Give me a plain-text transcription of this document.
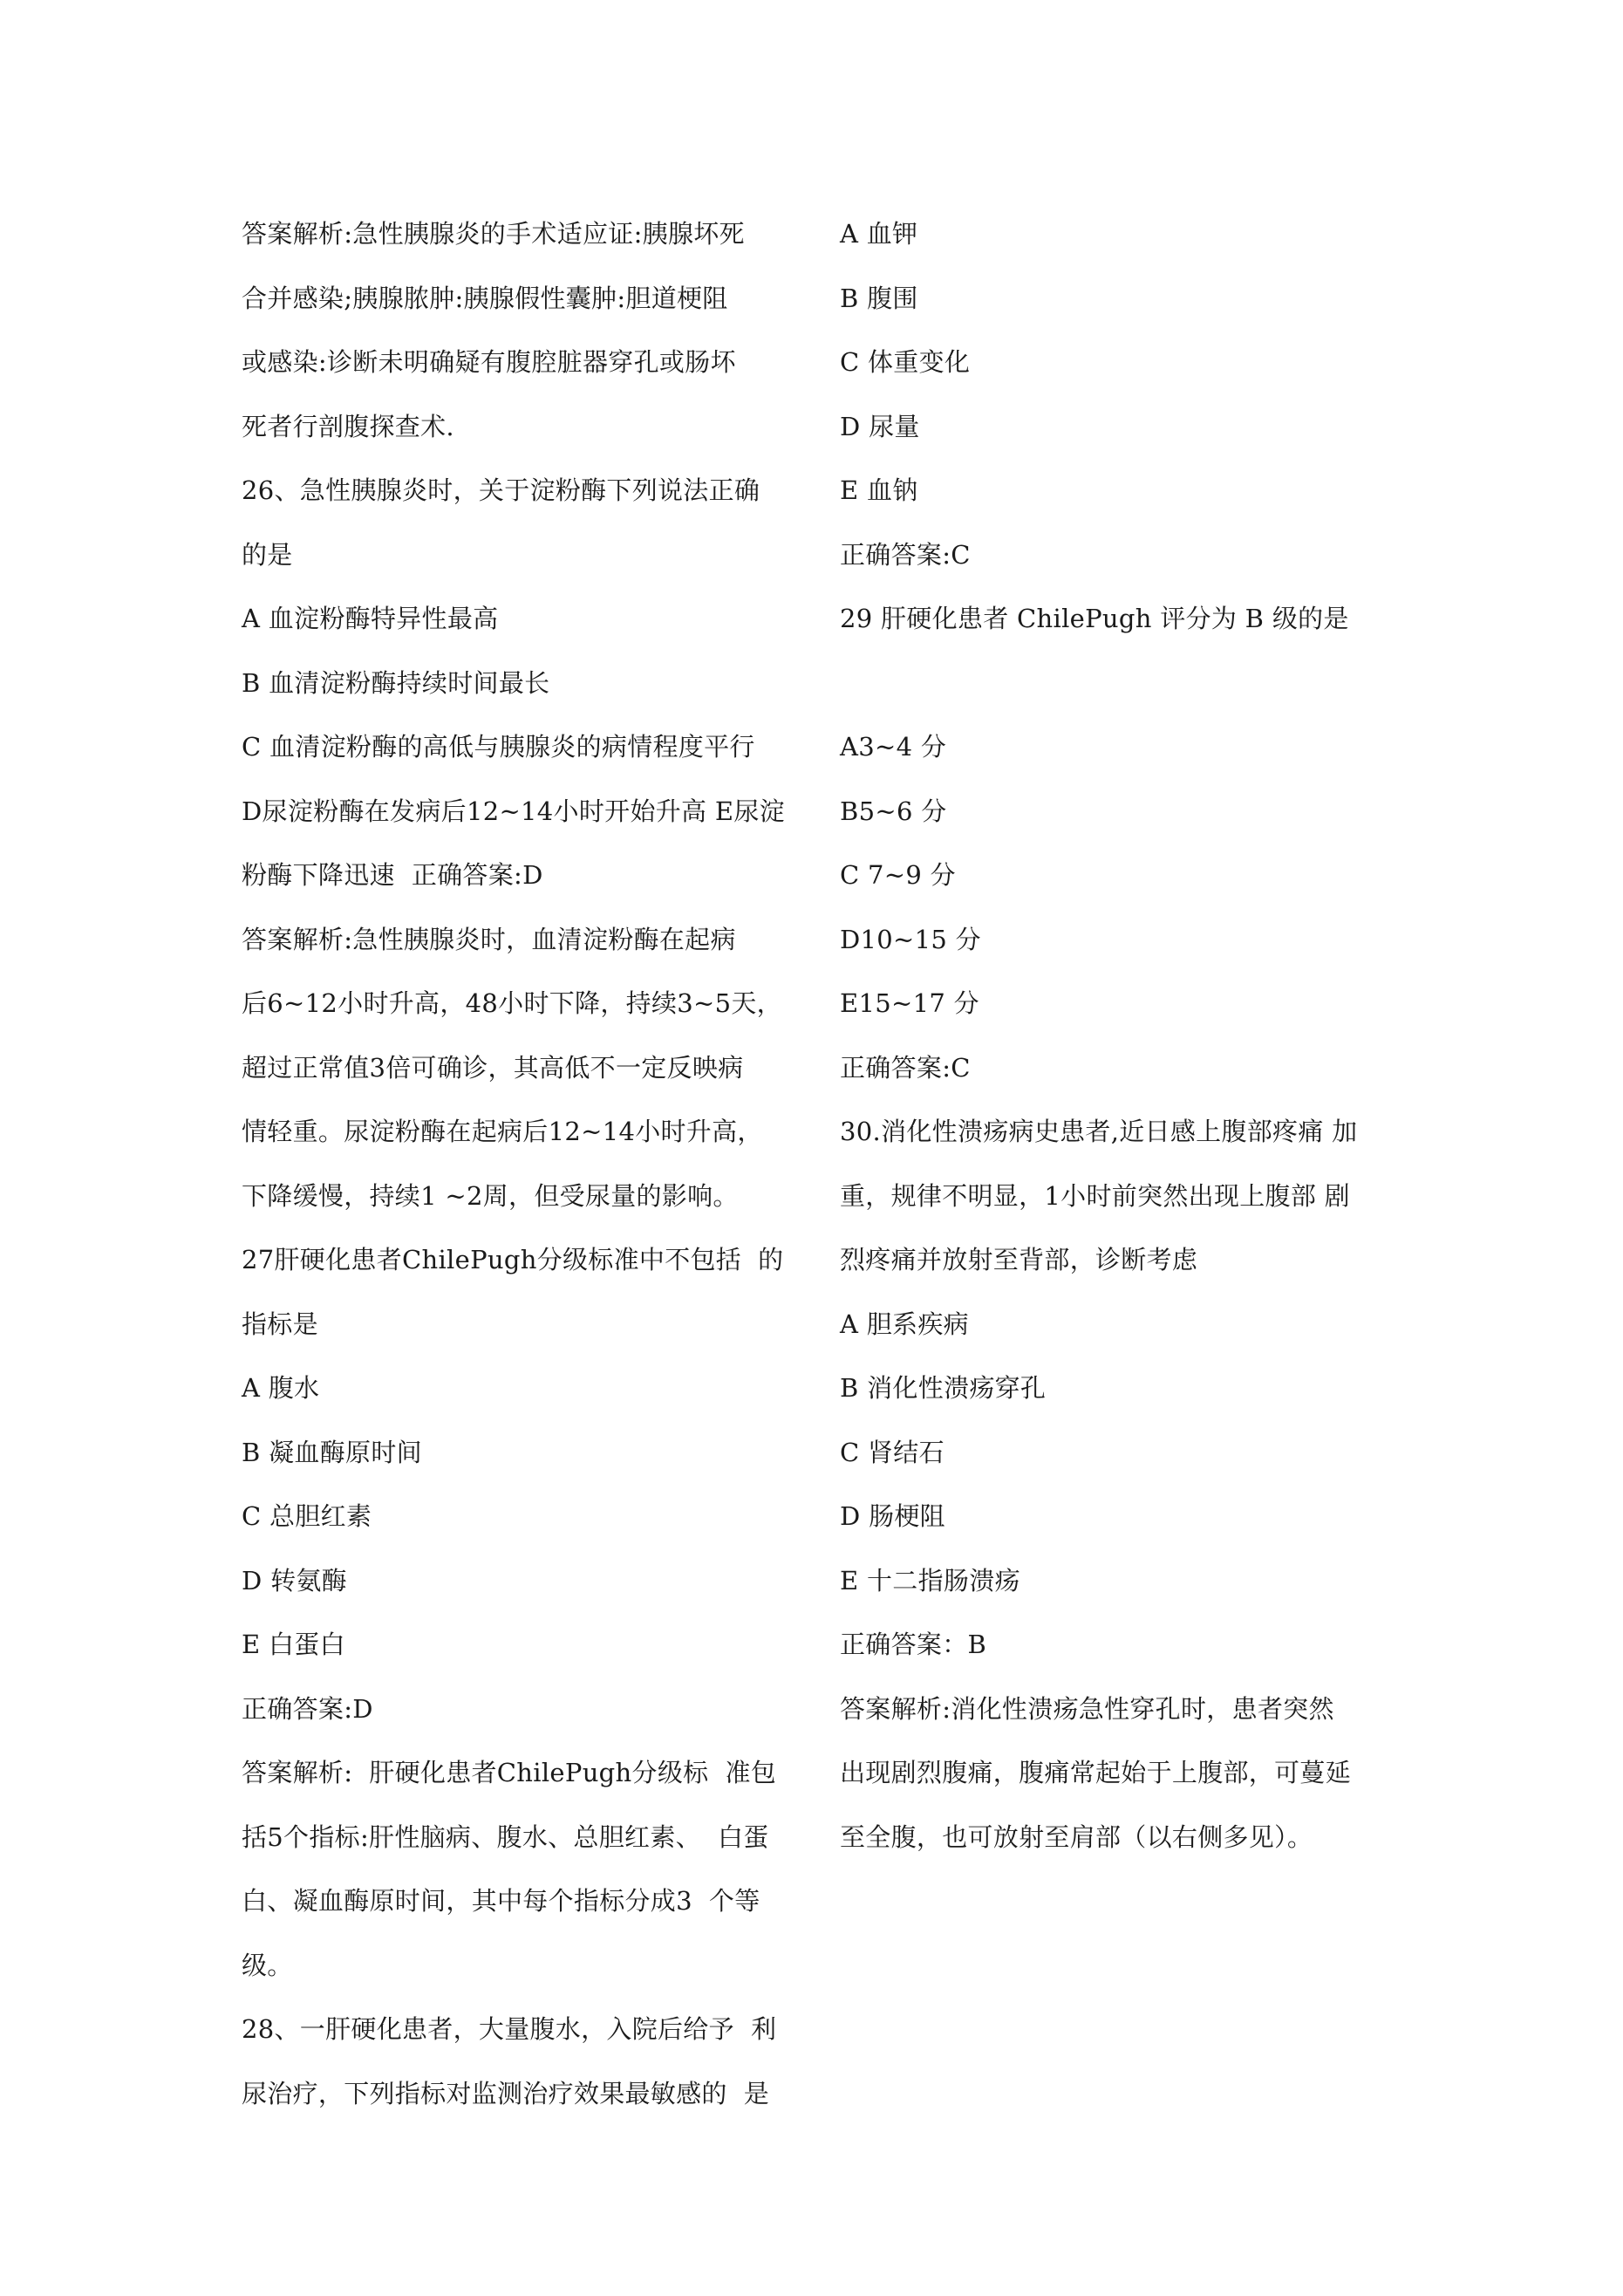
答案解析:急性胰腺炎的手术适应证:胰腺坏死
合并感染;胰腺脓肿:胰腺假性囊肿:胆道梗阻
或感染:诊断未明确疑有腹腔脏器穿孔或肠坏
死者行剖腹探查术.
26、急性胰腺炎时，关于淀粉酶下列说法正确
的是
A 血淀粉酶特异性最高
B 血清淀粉酶持续时间最长
C 血清淀粉酶的高低与胰腺炎的病情程度平行
D尿淀粉酶在发病后12~14小时开始升高 E尿淀
粉酶下降迅速  正确答案:D
答案解析:急性胰腺炎时，血清淀粉酶在起病
后6~12小时升高，48小时下降，持续3~5天，
超过正常值3倍可确诊，其高低不一定反映病
情轻重。尿淀粉酶在起病后12~14小时升高，
下降缓慢，持续1 ~2周，但受尿量的影响。
27肝硬化患者ChilePugh分级标准中不包括  的
指标是
A 腹水
B 凝血酶原时间
C 总胆红素
D 转氨酶
E 白蛋白
正确答案:D
答案解析:  肝硬化患者ChilePugh分级标  准包
括5个指标:肝性脑病、腹水、总胆红素、  白蛋
白、凝血酶原时间，其中每个指标分成3  个等
级。
28、一肝硬化患者，大量腹水，入院后给予  利
尿治疗，下列指标对监测治疗效果最敏感的  是
A 血钾
B 腹围
C 体重变化
D 尿量
E 血钠
正确答案:C
29 肝硬化患者 ChilePugh 评分为 B 级的是
A3~4 分
B5~6 分
C 7~9 分
D10~15 分
E15~17 分
正确答案:C
30.消化性溃疡病史患者,近日感上腹部疼痛 加
重，规律不明显，1小时前突然出现上腹部 剧
烈疼痛并放射至背部，诊断考虑
A 胆系疾病
B 消化性溃疡穿孔
C 肾结石
D 肠梗阻
E 十二指肠溃疡
正确答案：B
答案解析:消化性溃疡急性穿孔时，患者突然
出现剧烈腹痛，腹痛常起始于上腹部，可蔓延
至全腹，也可放射至肩部（以右侧多见）。
